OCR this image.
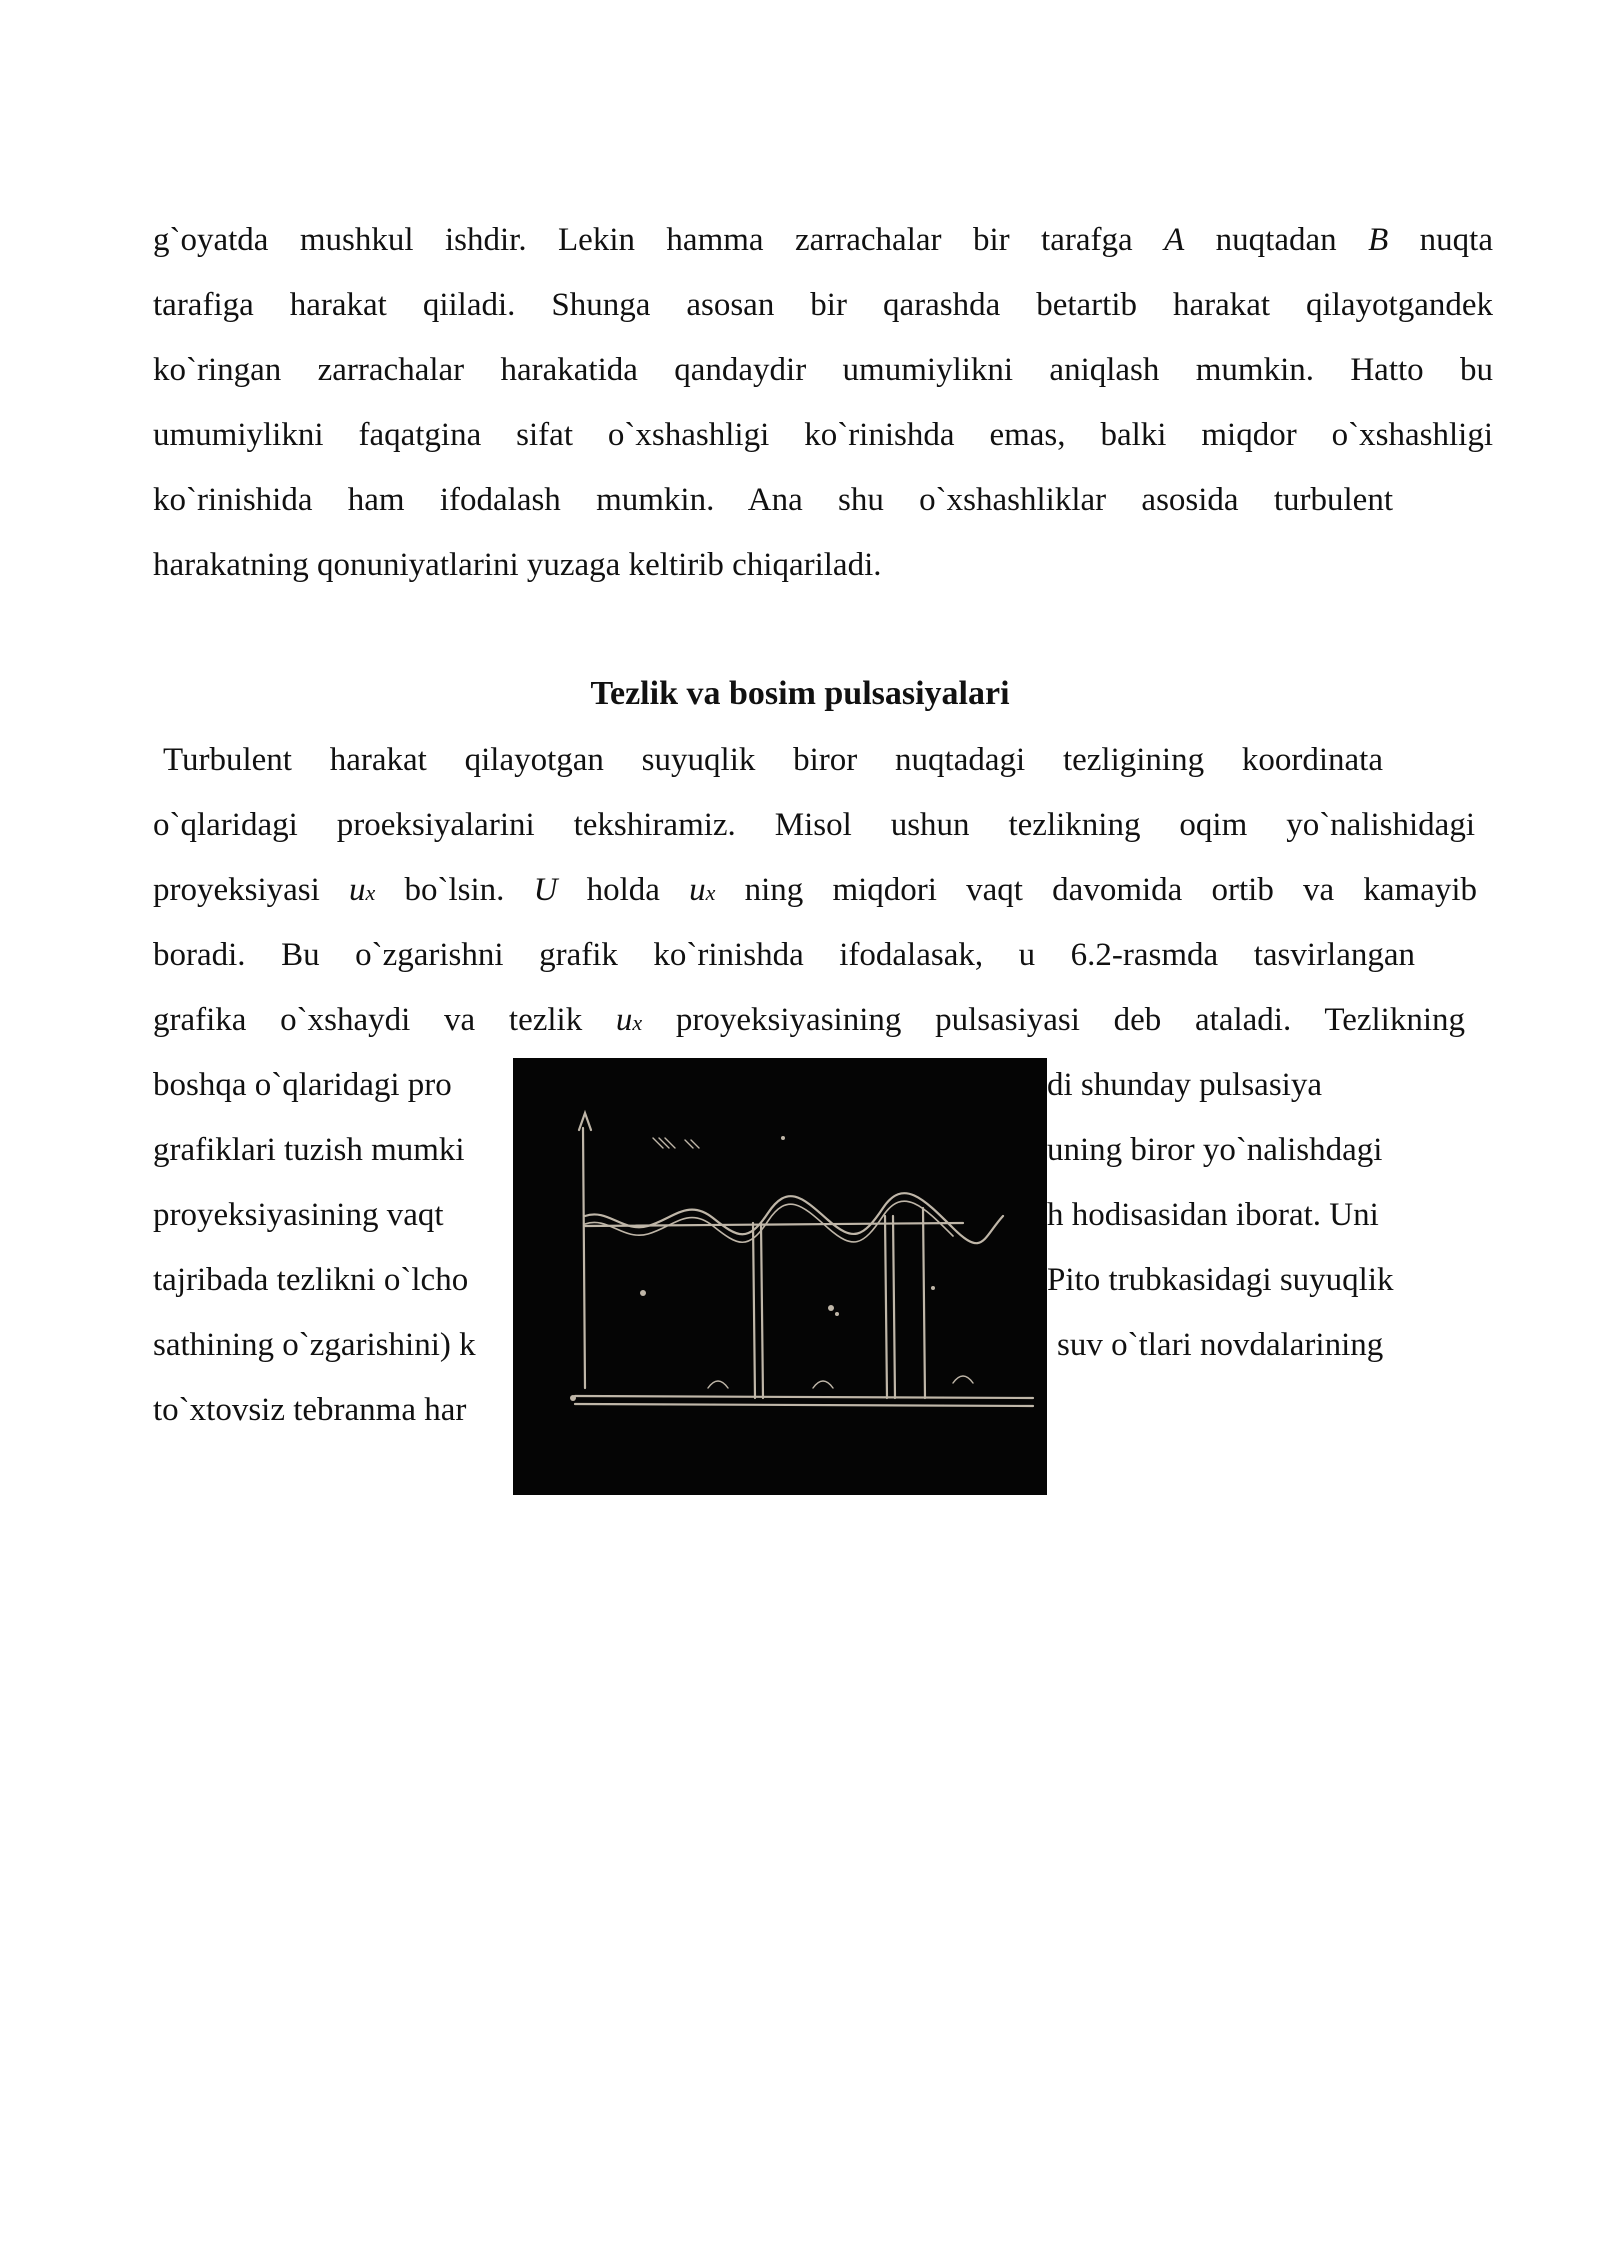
g`oyatda mushkul ishdir. Lekin hamma zarrachalar bir tarafga A nuqtadan B nuqta
tarafiga harakat qiiladi. Shunga asosan bir qarashda betartib harakat qilayotgandek
ko`ringan zarrachalar harakatida qandaydir umumiylikni aniqlash mumkin. Hatto bu
umumiylikni faqatgina sifat o`xshashligi ko`rinishda emas, balki miqdor o`xshashligi
ko`rinishida ham ifodalash mumkin. Ana shu o`xshashliklar asosida turbulent
harakatning qonuniyatlarini yuzaga keltirib chiqariladi.
Tezlik va bosim pulsasiyalari
Turbulent harakat qilayotgan suyuqlik biror nuqtadagi tezligining koordinata
o`qlaridagi proeksiyalarini tekshiramiz. Misol ushun tezlikning oqim yo`nalishidagi
proyeksiyasi ux bo`lsin. U holda ux ning miqdori vaqt davomida ortib va kamayib
boradi. Bu o`zgarishni grafik ko`rinishda ifodalasak, u 6.2-rasmda tasvirlangan
grafika o`xshaydi va tezlik ux proyeksiyasining pulsasiyasi deb ataladi. Tezlikning
boshqa o`qlaridagi pro	di shunday pulsasiya
grafiklari tuzish mumki	uning biror yo`nalishdagi
proyeksiyasining vaqt	h hodisasidan iborat. Uni
tajribada tezlikni o`lcho	Pito trubkasidagi suyuqlik
sathining o`zgarishini) k	suv o`tlari novdalarining
to`xtovsiz tebranma har
